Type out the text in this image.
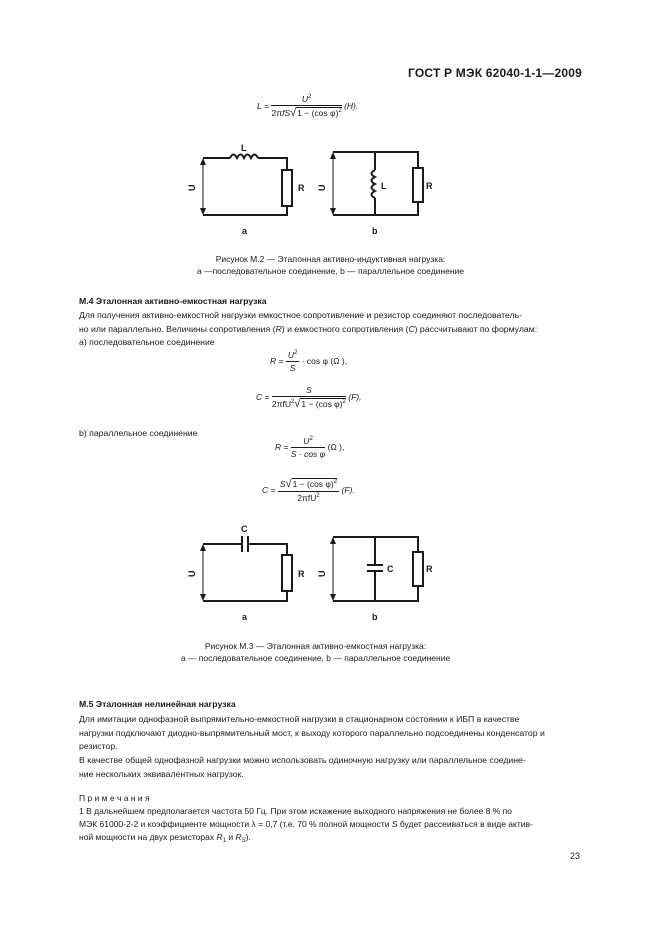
ГОСТ Р МЭК 62040-1-1—2009
$L = \frac{U^2}{2\pi fS√1 - (\cos \varphi)^2} (H)$.
U
L
R
a
U	L	R
b
Рисунок М.2 — Эталонная активно-индуктивная нагрузка:
a —последовательное соединение, b — параллельное соединение
М.4 Эталонная активно-емкостная нагрузка
Для получения активно-емкостной нагрузки емкостное сопротивление и резистор соединяют последователь-
но или параллельно. Величины сопротивления (R) и емкостного сопротивления (C) рассчитывают по формулам:
a) последовательное соединение
$R = \frac{U^2}{S} \cdot \cos \varphi$ (Ω ),
$C = \frac{S}{2\pi fU^2√1 - (\cos \varphi)^2} (F)$,
b) параллельное соединение
$R = \frac{U^2}{\text{S · cos φ}} (\Omega$ ),
$C = \frac{S√1 - (\cos \varphi)^2}{2\pi fU^2} (F)$.
U
C
R
a
U	C	R
b
Рисунок М.3 — Эталонная активно-емкостная нагрузка:
a — последовательное соединение, b — параллельное соединение
М.5 Эталонная нелинейная нагрузка
Для имитации однофазной выпрямительно-емкостной нагрузки в стационарном состоянии к ИБП в качестве
нагрузки подключают диодно-выпрямительный мост, к выходу которого параллельно подсоединены конденсатор и
резистор.
В качестве общей однофазной нагрузки можно использовать одиночную нагрузку или параллельное соедине-
ние нескольких эквивалентных нагрузок.
П р и м е ч а н и я
1 В дальнейшем предполагается частота 50 Гц. При этом искажение выходного напряжения не более 8 % по
МЭК 61000-2-2 и коэффициенте мощности λ = 0,7 (т.е. 70 % полной мощности S будет рассеиваться в виде актив-
ной мощности на двух резисторах $R_1$ и $R_S$).
23
